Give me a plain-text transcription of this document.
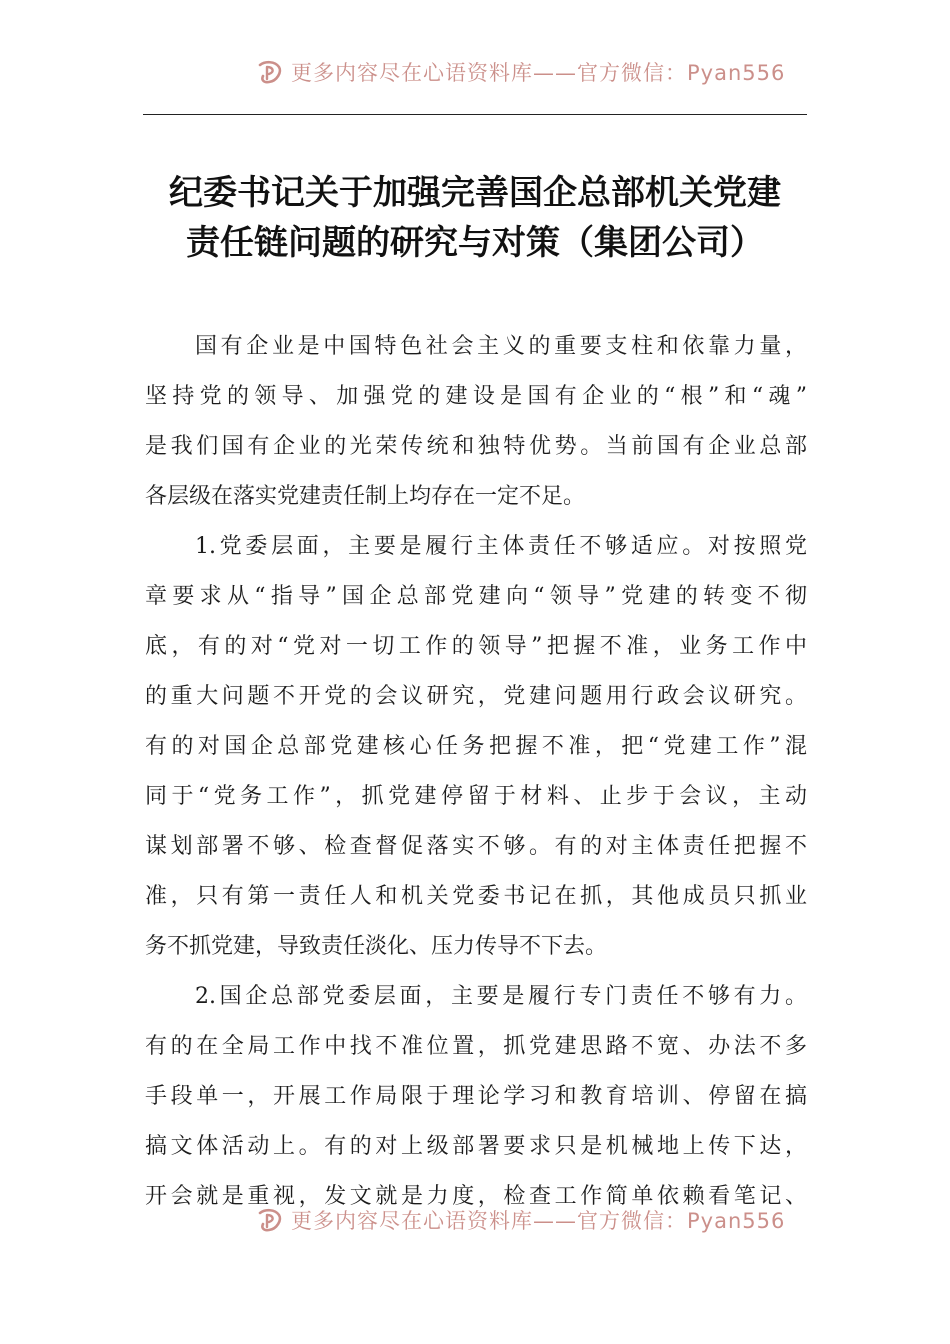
更多内容尽在心语资料库——官方微信：Pyan556
纪委书记关于加强完善国企总部机关党建
责任链问题的研究与对策（集团公司）
国有企业是中国特色社会主义的重要支柱和依靠力量，
坚持党的领导、加强党的建设是国有企业的“根”和“魂”
是我们国有企业的光荣传统和独特优势。当前国有企业总部
各层级在落实党建责任制上均存在一定不足。
1.党委层面，主要是履行主体责任不够适应。对按照党
章要求从“指导”国企总部党建向“领导”党建的转变不彻
底，有的对“党对一切工作的领导”把握不准，业务工作中
的重大问题不开党的会议研究，党建问题用行政会议研究。
有的对国企总部党建核心任务把握不准，把“党建工作”混
同于“党务工作”，抓党建停留于材料、止步于会议，主动
谋划部署不够、检查督促落实不够。有的对主体责任把握不
准，只有第一责任人和机关党委书记在抓，其他成员只抓业
务不抓党建，导致责任淡化、压力传导不下去。
2.国企总部党委层面，主要是履行专门责任不够有力。
有的在全局工作中找不准位置，抓党建思路不宽、办法不多
手段单一，开展工作局限于理论学习和教育培训、停留在搞
搞文体活动上。有的对上级部署要求只是机械地上传下达，
开会就是重视，发文就是力度，检查工作简单依赖看笔记、
更多内容尽在心语资料库——官方微信：Pyan556
